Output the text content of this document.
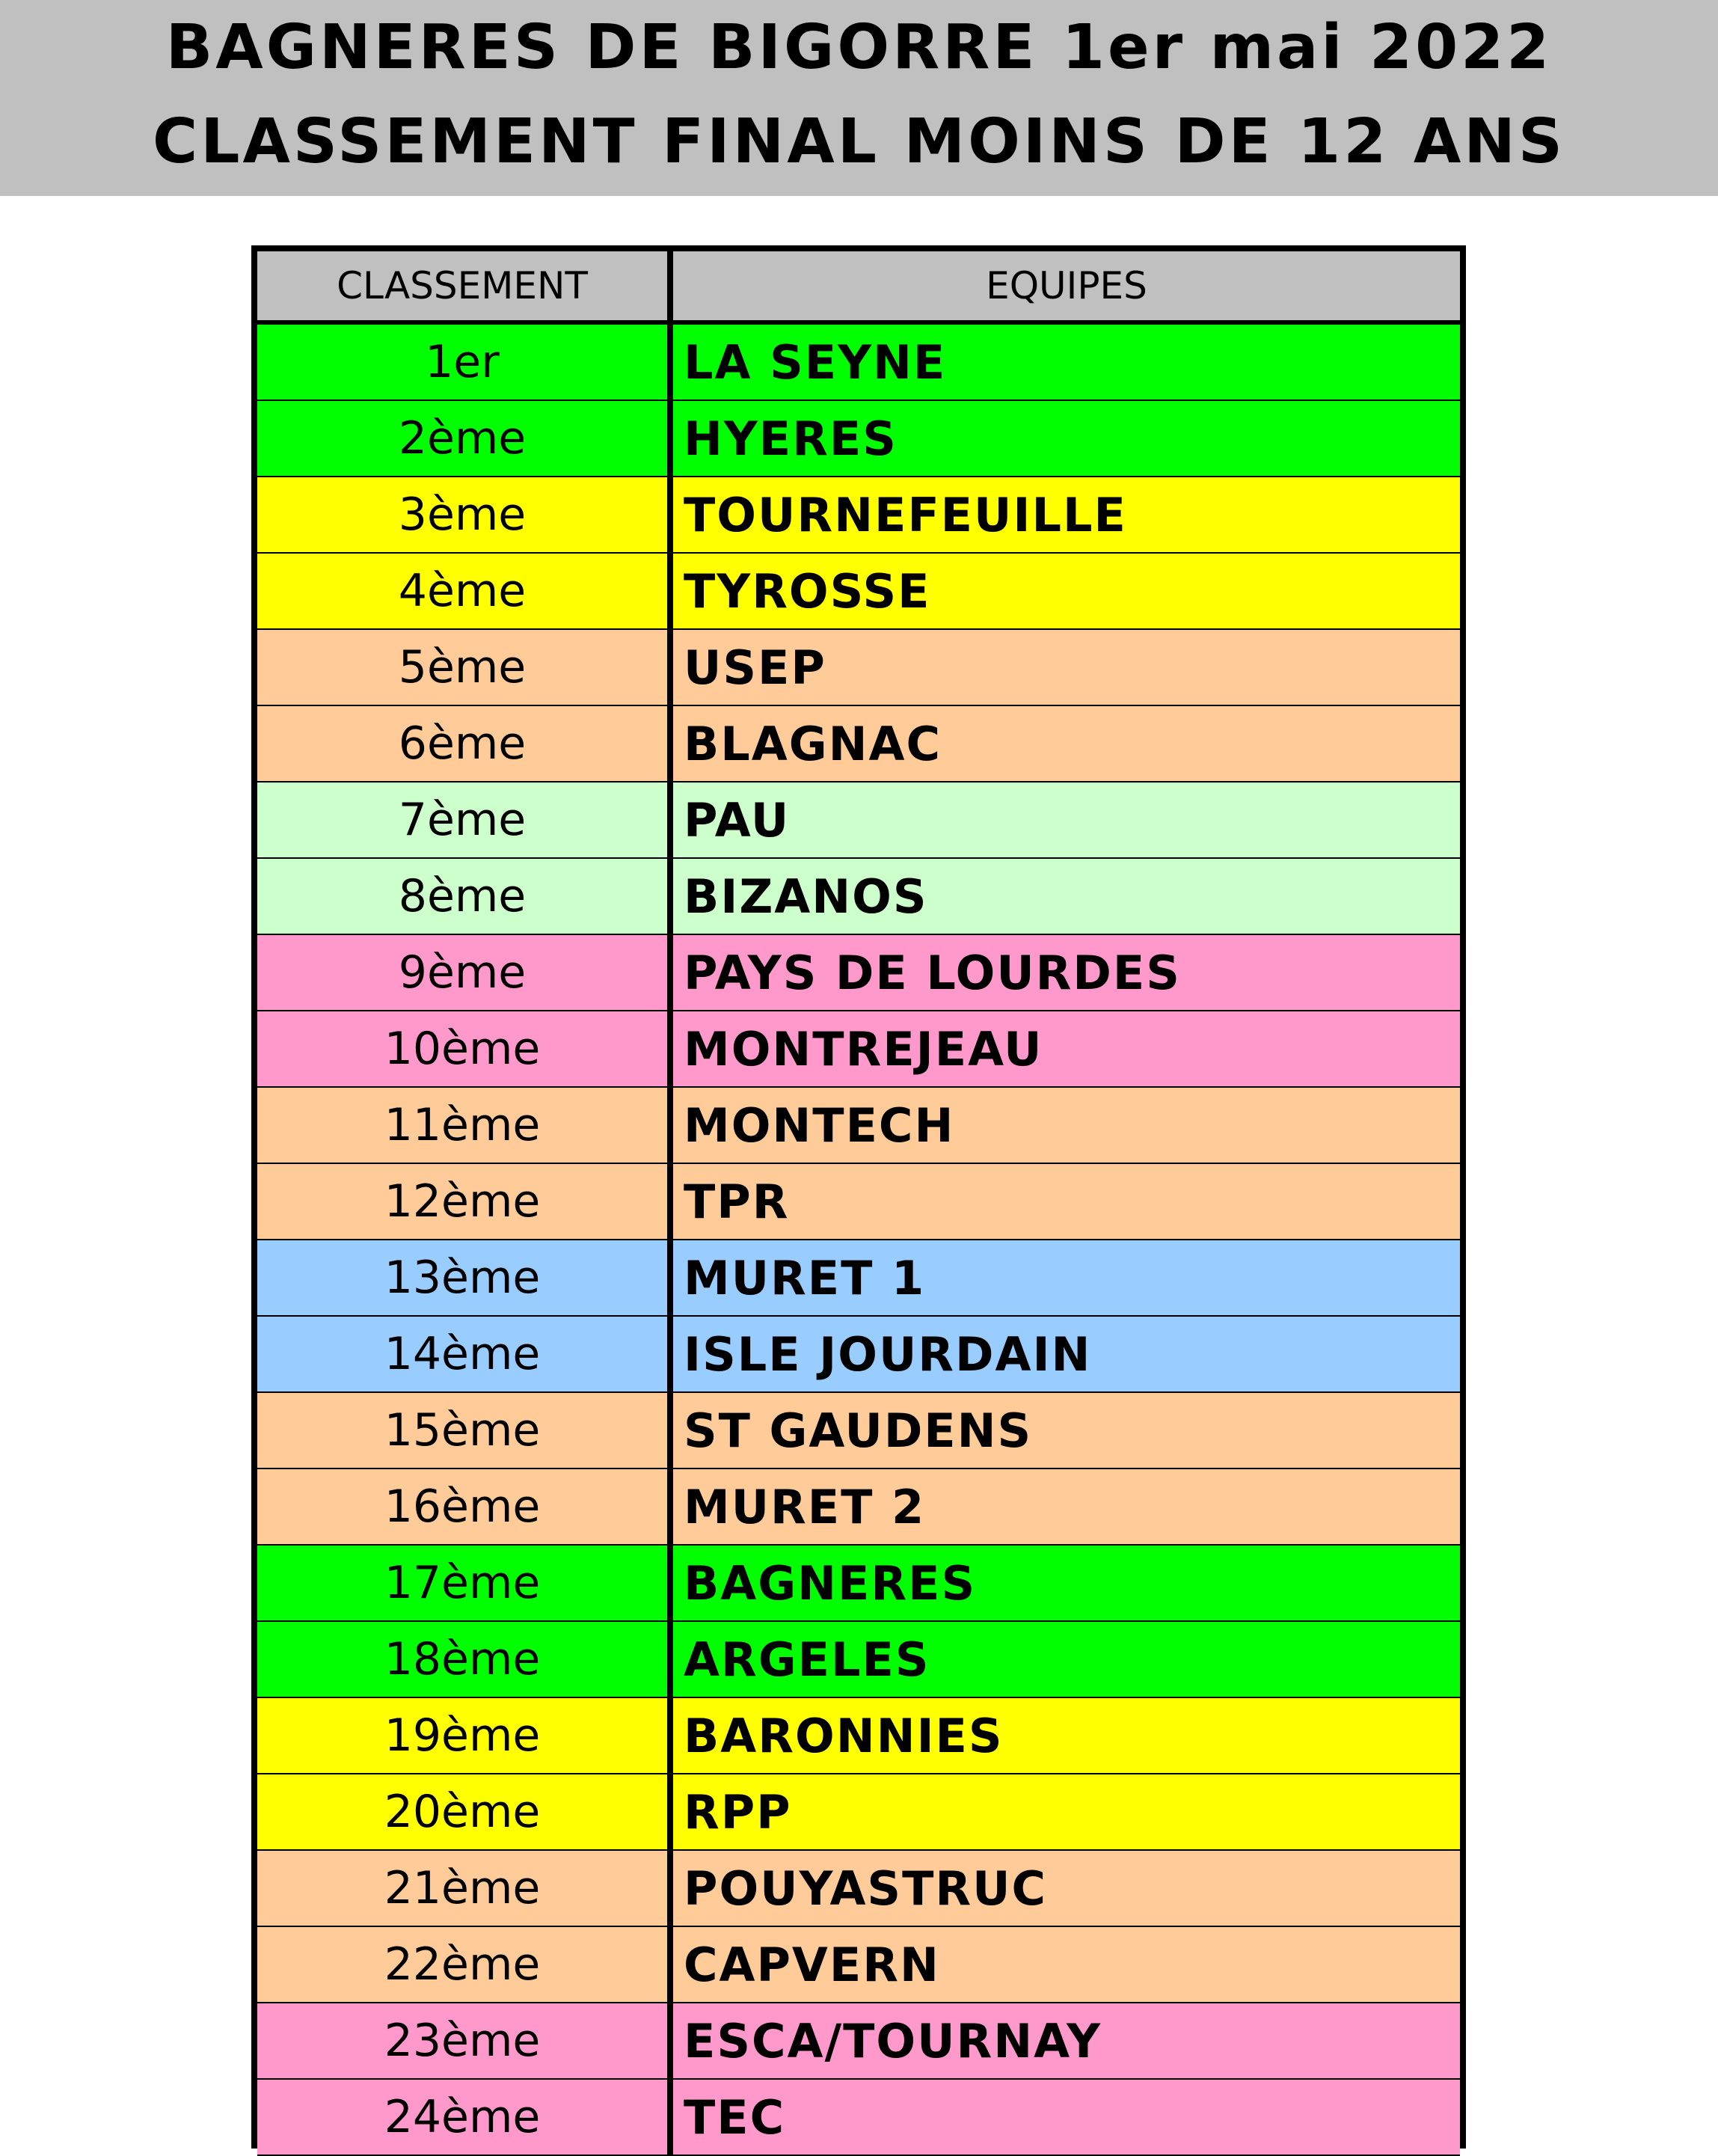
BAGNERES DE BIGORRE 1er mai 2022
CLASSEMENT FINAL MOINS DE 12 ANS
CLASSEMENT	EQUIPES
1er	LA SEYNE
2ème	HYERES
3ème	TOURNEFEUILLE
4ème	TYROSSE
5ème	USEP
6ème	BLAGNAC
7ème	PAU
8ème	BIZANOS
9ème	PAYS DE LOURDES
10ème	MONTREJEAU
11ème	MONTECH
12ème	TPR
13ème	MURET 1
14ème	ISLE JOURDAIN
15ème	ST GAUDENS
16ème	MURET 2
17ème	BAGNERES
18ème	ARGELES
19ème	BARONNIES
20ème	RPP
21ème	POUYASTRUC
22ème	CAPVERN
23ème	ESCA/TOURNAY
24ème	TEC
